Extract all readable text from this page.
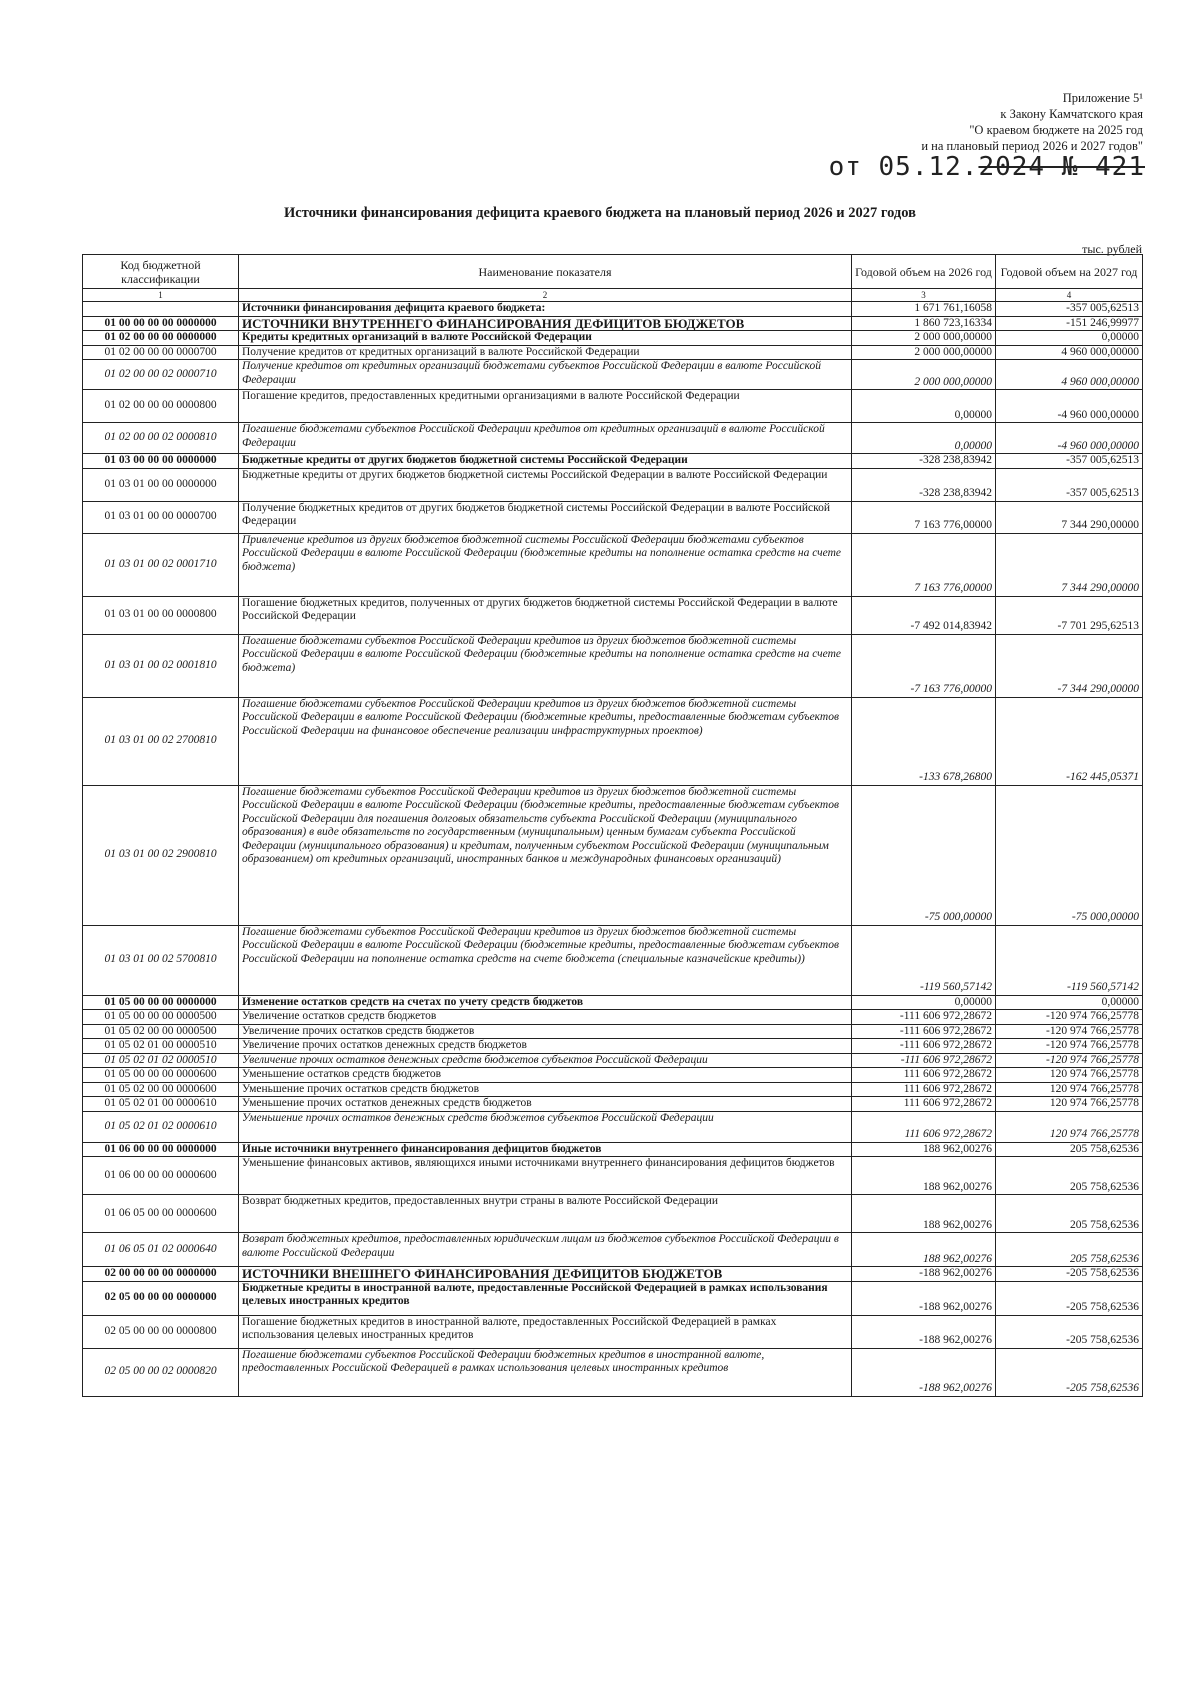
Приложение 5¹
к Закону Камчатского края
"О краевом бюджете на 2025 год
и на плановый период 2026 и 2027 годов"
от 05.12.2024 № 421
Источники финансирования дефицита краевого бюджета на плановый период 2026 и 2027 годов
тыс. рублей
Код бюджетной классификации	Наименование показателя	Годовой объем на 2026 год	Годовой объем на 2027 год
1	2	3	4
	Источники финансирования дефицита краевого бюджета:	1 671 761,16058	-357 005,62513
01 00 00 00 00 0000000	ИСТОЧНИКИ ВНУТРЕННЕГО ФИНАНСИРОВАНИЯ ДЕФИЦИТОВ БЮДЖЕТОВ	1 860 723,16334	-151 246,99977
01 02 00 00 00 0000000	Кредиты кредитных организаций в валюте Российской Федерации	2 000 000,00000	0,00000
01 02 00 00 00 0000700	Получение кредитов от кредитных организаций в валюте Российской Федерации	2 000 000,00000	4 960 000,00000
01 02 00 00 02 0000710	Получение кредитов от кредитных организаций бюджетами субъектов Российской Федерации в валюте Российской Федерации	2 000 000,00000	4 960 000,00000
01 02 00 00 00 0000800	Погашение кредитов, предоставленных кредитными организациями в валюте Российской Федерации	0,00000	-4 960 000,00000
01 02 00 00 02 0000810	Погашение бюджетами субъектов Российской Федерации кредитов от кредитных организаций в валюте Российской Федерации	0,00000	-4 960 000,00000
01 03 00 00 00 0000000	Бюджетные кредиты от других бюджетов бюджетной системы Российской Федерации	-328 238,83942	-357 005,62513
01 03 01 00 00 0000000	Бюджетные кредиты от других бюджетов бюджетной системы Российской Федерации в валюте Российской Федерации	-328 238,83942	-357 005,62513
01 03 01 00 00 0000700	Получение бюджетных кредитов от других бюджетов бюджетной системы Российской Федерации в валюте Российской Федерации	7 163 776,00000	7 344 290,00000
01 03 01 00 02 0001710	Привлечение кредитов из других бюджетов бюджетной системы Российской Федерации бюджетами субъектов Российской Федерации в валюте Российской Федерации (бюджетные кредиты на пополнение остатка средств на счете бюджета)	7 163 776,00000	7 344 290,00000
01 03 01 00 00 0000800	Погашение бюджетных кредитов, полученных от других бюджетов бюджетной системы Российской Федерации в валюте Российской Федерации	-7 492 014,83942	-7 701 295,62513
01 03 01 00 02 0001810	Погашение бюджетами субъектов Российской Федерации кредитов из других бюджетов бюджетной системы Российской Федерации в валюте Российской Федерации (бюджетные кредиты на пополнение остатка средств на счете бюджета)	-7 163 776,00000	-7 344 290,00000
01 03 01 00 02 2700810	Погашение бюджетами субъектов Российской Федерации кредитов из других бюджетов бюджетной системы Российской Федерации в валюте Российской Федерации (бюджетные кредиты, предоставленные бюджетам субъектов Российской Федерации на финансовое обеспечение реализации инфраструктурных проектов)	-133 678,26800	-162 445,05371
01 03 01 00 02 2900810	Погашение бюджетами субъектов Российской Федерации кредитов из других бюджетов бюджетной системы Российской Федерации в валюте Российской Федерации (бюджетные кредиты, предоставленные бюджетам субъектов Российской Федерации для погашения долговых обязательств субъекта Российской Федерации (муниципального образования) в виде обязательств по государственным (муниципальным) ценным бумагам субъекта Российской Федерации (муниципального образования) и кредитам, полученным субъектом Российской Федерации (муниципальным образованием) от кредитных организаций, иностранных банков и международных финансовых организаций)	-75 000,00000	-75 000,00000
01 03 01 00 02 5700810	Погашение бюджетами субъектов Российской Федерации кредитов из других бюджетов бюджетной системы Российской Федерации в валюте Российской Федерации (бюджетные кредиты, предоставленные бюджетам субъектов Российской Федерации на пополнение остатка средств на счете бюджета (специальные казначейские кредиты))	-119 560,57142	-119 560,57142
01 05 00 00 00 0000000	Изменение остатков средств на счетах по учету средств бюджетов	0,00000	0,00000
01 05 00 00 00 0000500	Увеличение остатков средств бюджетов	-111 606 972,28672	-120 974 766,25778
01 05 02 00 00 0000500	Увеличение прочих остатков средств бюджетов	-111 606 972,28672	-120 974 766,25778
01 05 02 01 00 0000510	Увеличение прочих остатков денежных средств бюджетов	-111 606 972,28672	-120 974 766,25778
01 05 02 01 02 0000510	Увеличение прочих остатков денежных средств бюджетов субъектов Российской Федерации	-111 606 972,28672	-120 974 766,25778
01 05 00 00 00 0000600	Уменьшение остатков средств бюджетов	111 606 972,28672	120 974 766,25778
01 05 02 00 00 0000600	Уменьшение прочих остатков средств бюджетов	111 606 972,28672	120 974 766,25778
01 05 02 01 00 0000610	Уменьшение прочих остатков денежных средств бюджетов	111 606 972,28672	120 974 766,25778
01 05 02 01 02 0000610	Уменьшение прочих остатков денежных средств бюджетов субъектов Российской Федерации	111 606 972,28672	120 974 766,25778
01 06 00 00 00 0000000	Иные источники внутреннего финансирования дефицитов бюджетов	188 962,00276	205 758,62536
01 06 00 00 00 0000600	Уменьшение финансовых активов, являющихся иными источниками внутреннего финансирования дефицитов бюджетов	188 962,00276	205 758,62536
01 06 05 00 00 0000600	Возврат бюджетных кредитов, предоставленных внутри страны в валюте Российской Федерации	188 962,00276	205 758,62536
01 06 05 01 02 0000640	Возврат бюджетных кредитов, предоставленных юридическим лицам из бюджетов субъектов Российской Федерации в валюте Российской Федерации	188 962,00276	205 758,62536
02 00 00 00 00 0000000	ИСТОЧНИКИ ВНЕШНЕГО ФИНАНСИРОВАНИЯ ДЕФИЦИТОВ БЮДЖЕТОВ	-188 962,00276	-205 758,62536
02 05 00 00 00 0000000	Бюджетные кредиты в иностранной валюте, предоставленные Российской Федерацией в рамках использования целевых иностранных кредитов	-188 962,00276	-205 758,62536
02 05 00 00 00 0000800	Погашение бюджетных кредитов в иностранной валюте, предоставленных Российской Федерацией в рамках использования целевых иностранных кредитов	-188 962,00276	-205 758,62536
02 05 00 00 02 0000820	Погашение бюджетами субъектов Российской Федерации бюджетных кредитов в иностранной валюте, предоставленных Российской Федерацией в рамках использования целевых иностранных кредитов	-188 962,00276	-205 758,62536
